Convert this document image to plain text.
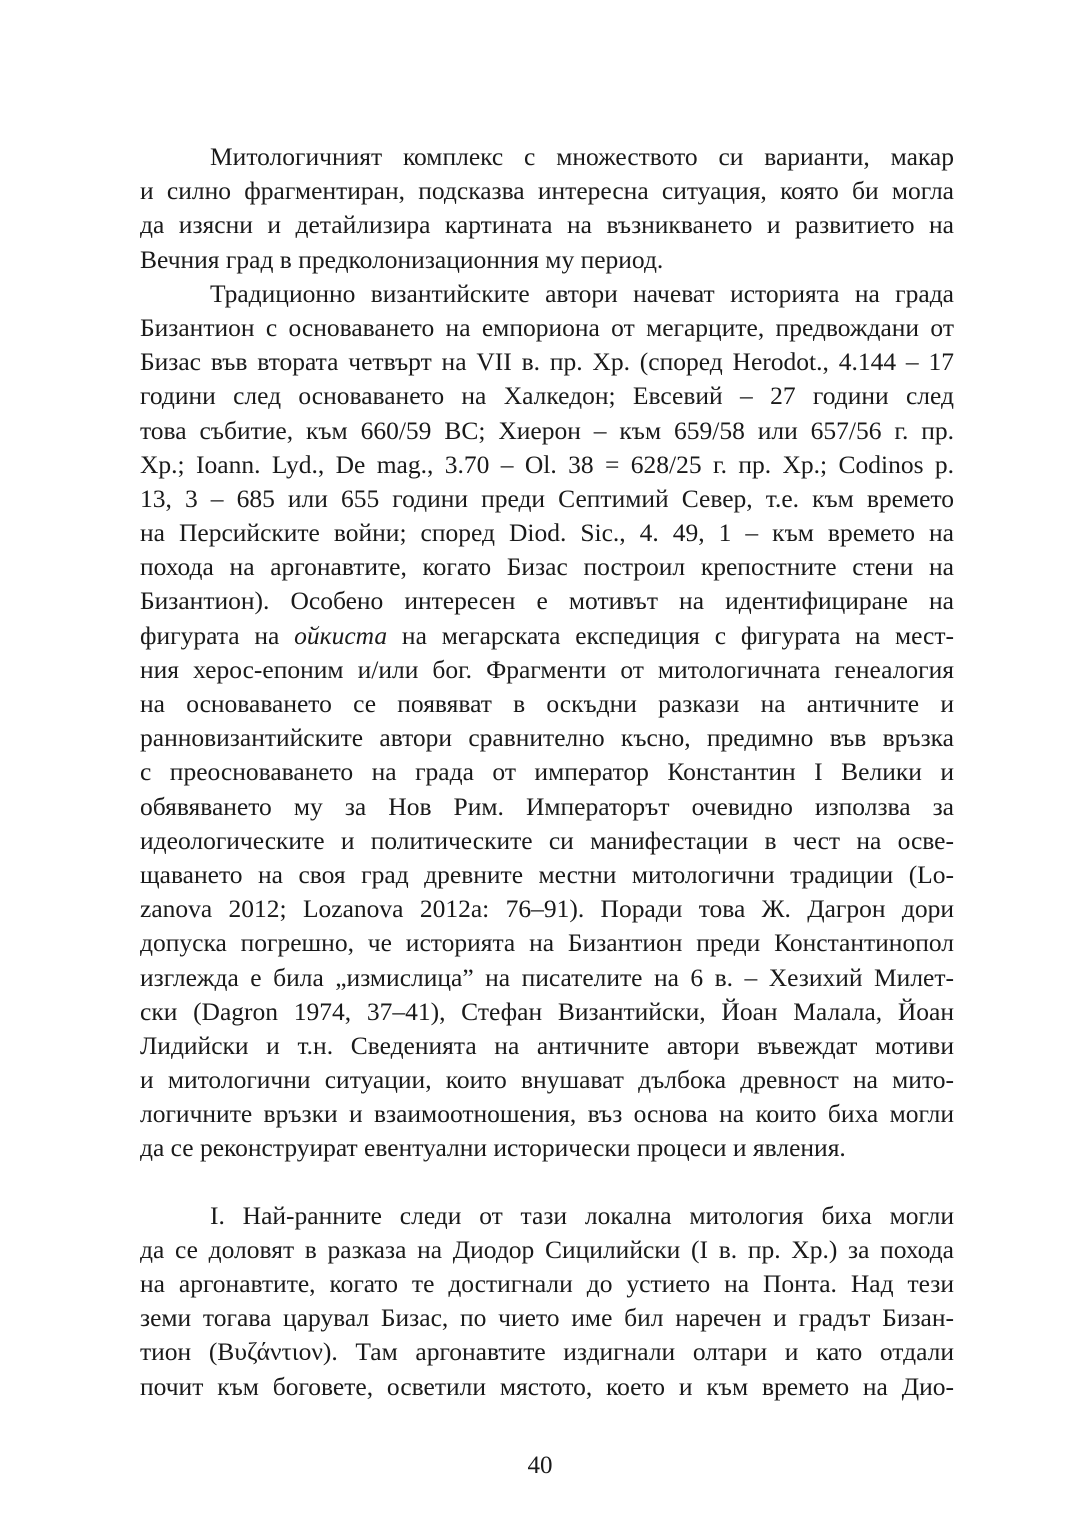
Митологичният комплекс с множеството си варианти, макар
и силно фрагментиран, подсказва интересна ситуация, която би могла
да изясни и детайлизира картината на възникването и развитието на
Вечния град в предколонизационния му период.
Традиционно византийските автори начеват историята на града
Бизантион с основаването на емпориона от мегарците, предвождани от
Бизас във втората четвърт на VII в. пр. Хр. (според Herodot., 4.144 – 17
години след основаването на Халкедон; Евсевий – 27 години след
това събитие, към 660/59 BC; Хиерон – към 659/58 или 657/56 г. пр.
Хр.; Ioann. Lyd., De mag., 3.70 – Ol. 38 = 628/25 г. пр. Хр.; Codinos p.
13, 3 – 685 или 655 години преди Септимий Север, т.е. към времето
на Персийските войни; според Diod. Sic., 4. 49, 1 – към времето на
похода на аргонавтите, когато Бизас построил крепостните стени на
Бизантион). Особено интересен е мотивът на идентифициране на
фигурата на ойкиста на мегарската експедиция с фигурата на мест-
ния херос-епоним и/или бог. Фрагменти от митологичната генеалогия
на основаването се появяват в оскъдни разкази на античните и
ранновизантийските автори сравнително късно, предимно във връзка
с преосноваването на града от император Константин I Велики и
обявяването му за Нов Рим. Императорът очевидно използва за
идеологическите и политическите си манифестации в чест на осве-
щаването на своя град древните местни митологични традиции (Lo-
zanova 2012; Lozanova 2012a: 76–91). Поради това Ж. Дагрон дори
допуска погрешно, че историята на Бизантион преди Константинопол
изглежда е била „измислица” на писателите на 6 в. – Хезихий Милет-
ски (Dagron 1974, 37–41), Стефан Византийски, Йоан Малала, Йоан
Лидийски и т.н. Сведенията на античните автори въвеждат мотиви
и митологични ситуации, които внушават дълбока древност на мито-
логичните връзки и взаимоотношения, въз основа на които биха могли
да се реконструират евентуални исторически процеси и явления.
I. Най-ранните следи от тази локална митология биха могли
да се доловят в разказа на Диодор Сицилийски (I в. пр. Хр.) за похода
на аргонавтите, когато те достигнали до устието на Понта. Над тези
земи тогава царувал Бизас, по чието име бил наречен и градът Бизан-
тион (Βυζάντιον). Там аргонавтите издигнали олтари и като отдали
почит към боговете, осветили мястото, което и към времето на Дио-
40
